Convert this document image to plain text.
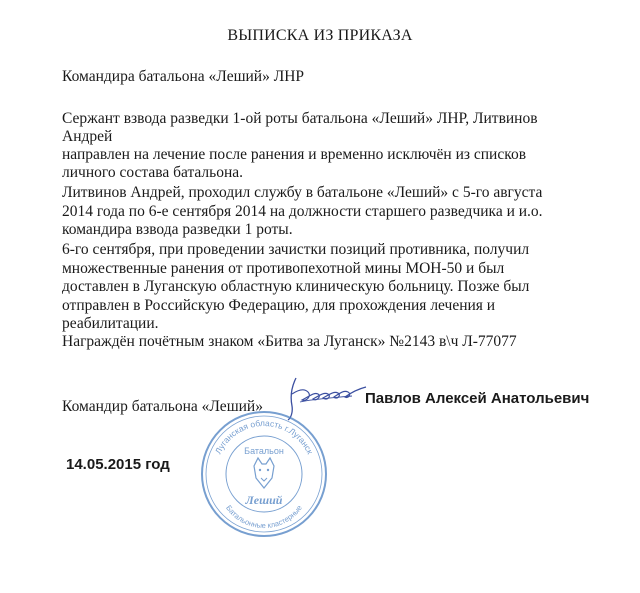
ВЫПИСКА ИЗ ПРИКАЗА
Командира батальона «Леший» ЛНР
Сержант взвода разведки 1-ой роты батальона «Леший» ЛНР, Литвинов
Андрей
направлен на лечение после ранения и временно исключён из списков
личного состава батальона.
Литвинов Андрей, проходил службу в батальоне «Леший» с 5-го августа
2014 года по 6-е сентября 2014 на должности старшего разведчика и и.о.
командира взвода разведки 1 роты.
6-го сентября, при проведении зачистки позиций противника, получил
множественные ранения от противопехотной мины МОН-50 и был
доставлен в Луганскую областную клиническую больницу. Позже был
отправлен в Российскую Федерацию, для прохождения лечения и
реабилитации.
Награждён почётным знаком «Битва за Луганск» №2143 в\ч Л-77077
Командир батальона «Леший»	Павлов Алексей Анатольевич
14.05.2015 год
Луганская область г.Луганск
Батальонные кластерные
Батальон
Леший
